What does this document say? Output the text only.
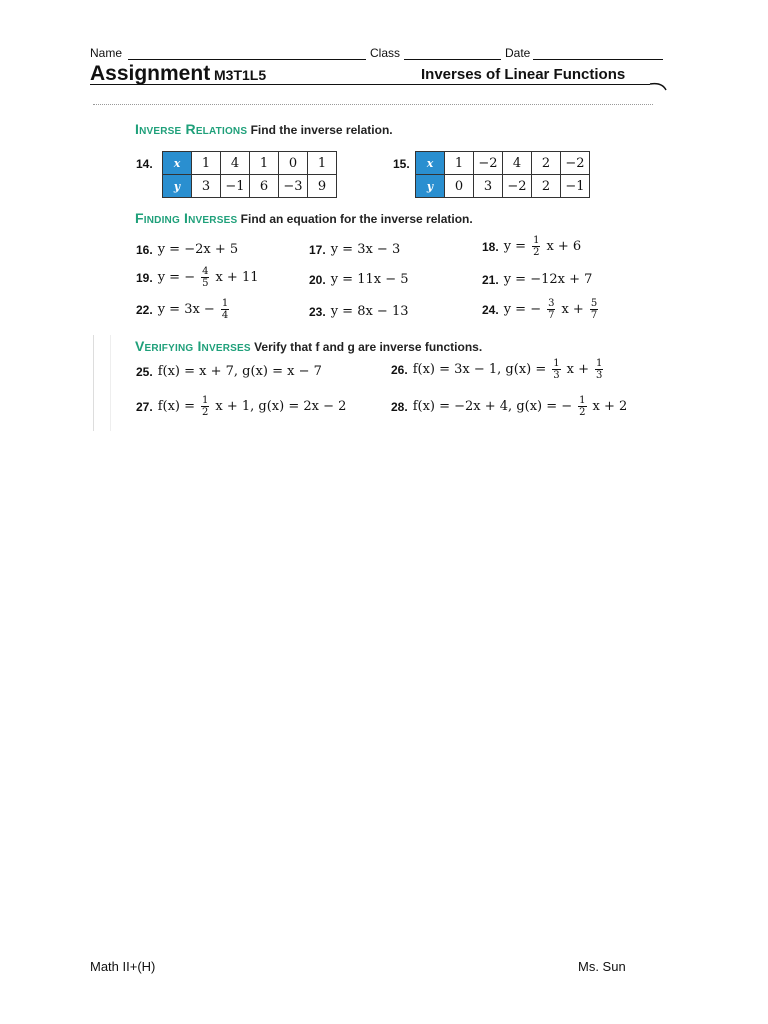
Name	Class	Date
Assignment M3T1L5	Inverses of Linear Functions
Inverse Relations Find the inverse relation.
14. x	1	4	1	0	1
y	3	−1	6	−3	9
15. x	1	−2	4	2	−2
y	0	3	−2	2	−1
Finding Inverses Find an equation for the inverse relation.
16. y = −2x + 5	17. y = 3x − 3	18. $y = \frac{1}{2}$ x + 6
19. y = − $\frac{4}{5}$ x + 11	20. y = 11x − 5	21. y = −12x + 7
22. $y = 3x - \frac{1}{4}$	23. y = 8x − 13	24. y = − $\frac{3}{7}$ $x + \frac{5}{7}$
Verifying Inverses Verify that f and g are inverse functions.
25. f(x) = x + 7, g(x) = x − 7	26. f(x) = 3x − 1, $g(x) = \frac{1}{3}$ $x + \frac{1}{3}$
27. $f(x) = \frac{1}{2}$ x + 1, g(x) = 2x − 2	28. f(x) = −2x + 4, g(x) = − $\frac{1}{2}$ x + 2
Math II+(H)	Ms. Sun
